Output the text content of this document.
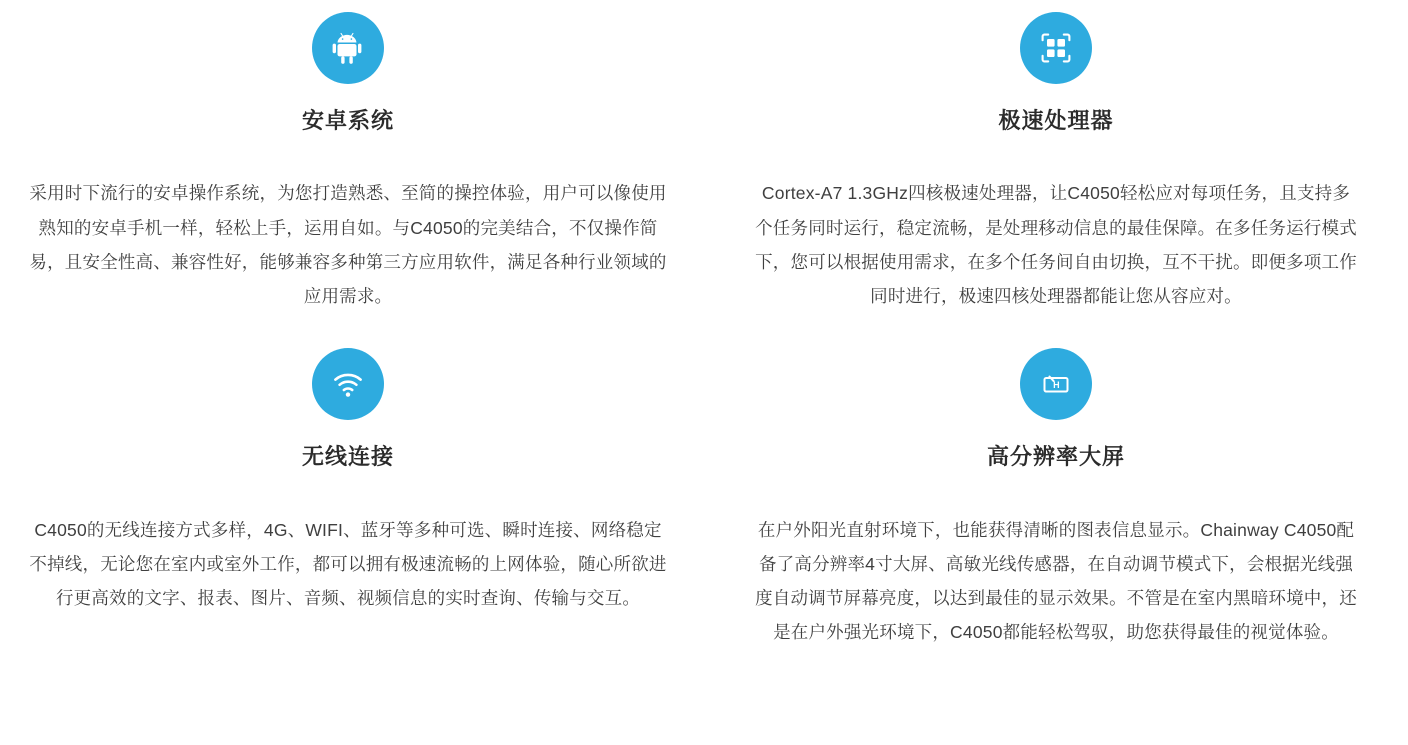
安卓系统

采用时下流行的安卓操作系统，为您打造熟悉、至简的操控体验，用户可以像使用熟知的安卓手机一样，轻松上手，运用自如。与C4050的完美结合，不仅操作简易，且安全性高、兼容性好，能够兼容多种第三方应用软件，满足各种行业领域的应用需求。

极速处理器

Cortex-A7 1.3GHz四核极速处理器，让C4050轻松应对每项任务，且支持多个任务同时运行，稳定流畅，是处理移动信息的最佳保障。在多任务运行模式下，您可以根据使用需求，在多个任务间自由切换，互不干扰。即便多项工作同时进行，极速四核处理器都能让您从容应对。

无线连接

C4050的无线连接方式多样，4G、WIFI、蓝牙等多种可选、瞬时连接、网络稳定不掉线，无论您在室内或室外工作，都可以拥有极速流畅的上网体验，随心所欲进行更高效的文字、报表、图片、音频、视频信息的实时查询、传输与交互。

H
高分辨率大屏

在户外阳光直射环境下，也能获得清晰的图表信息显示。Chainway C4050配备了高分辨率4寸大屏、高敏光线传感器，在自动调节模式下，会根据光线强度自动调节屏幕亮度，以达到最佳的显示效果。不管是在室内黑暗环境中，还是在户外强光环境下，C4050都能轻松驾驭，助您获得最佳的视觉体验。
